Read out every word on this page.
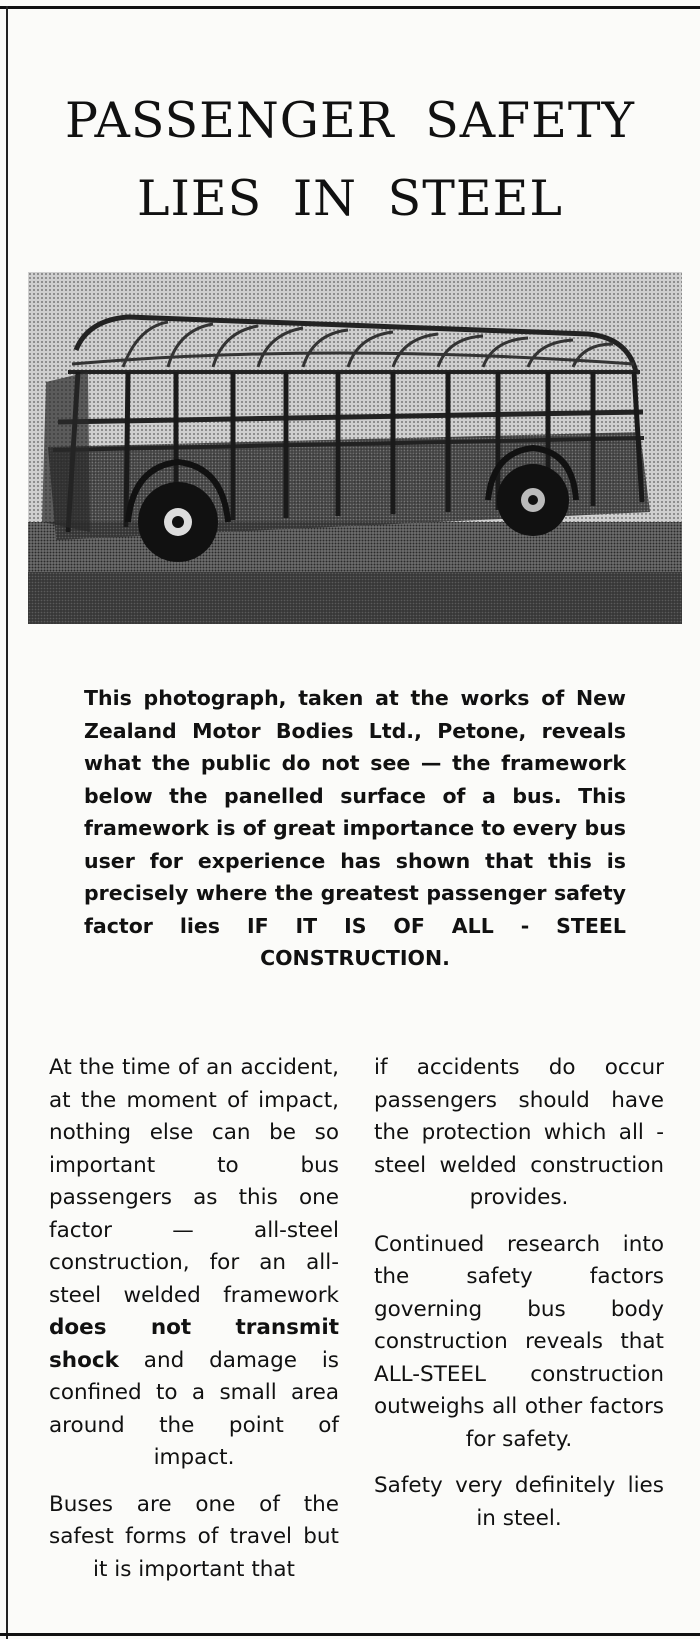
PASSENGER SAFETY
LIES IN STEEL

This photograph, taken at the works of New Zealand Motor Bodies Ltd., Petone, reveals what the public do not see — the framework below the panelled surface of a bus. This framework is of great importance to every bus user for experience has shown that this is precisely where the greatest passenger safety factor lies IF IT IS OF ALL - STEEL CONSTRUCTION.

At the time of an accident, at the moment of impact, nothing else can be so important to bus passengers as this one factor — all-steel construction, for an all-steel welded framework does not transmit shock and damage is confined to a small area around the point of impact.

Buses are one of the safest forms of travel but it is important that

if accidents do occur passengers should have the protection which all - steel welded construction provides.

Continued research into the safety factors governing bus body construction reveals that ALL-STEEL construction outweighs all other factors for safety.

Safety very definitely lies in steel.
